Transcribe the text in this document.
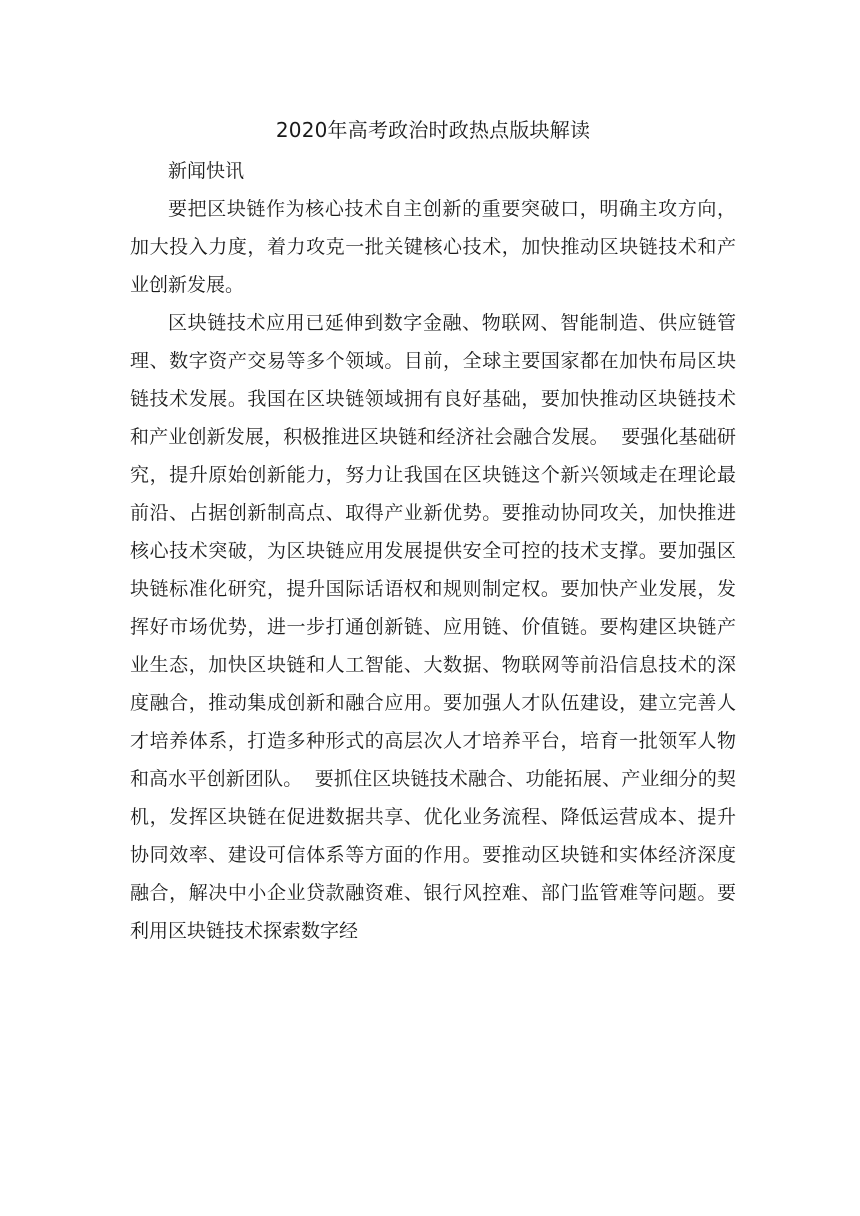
2020年高考政治时政热点版块解读

新闻快讯

要把区块链作为核心技术自主创新的重要突破口，明确主攻方向，加大投入力度，着力攻克一批关键核心技术，加快推动区块链技术和产业创新发展。

区块链技术应用已延伸到数字金融、物联网、智能制造、供应链管理、数字资产交易等多个领域。目前，全球主要国家都在加快布局区块链技术发展。我国在区块链领域拥有良好基础，要加快推动区块链技术和产业创新发展，积极推进区块链和经济社会融合发展。  要强化基础研究，提升原始创新能力，努力让我国在区块链这个新兴领域走在理论最前沿、占据创新制高点、取得产业新优势。要推动协同攻关，加快推进核心技术突破，为区块链应用发展提供安全可控的技术支撑。要加强区块链标准化研究，提升国际话语权和规则制定权。要加快产业发展，发挥好市场优势，进一步打通创新链、应用链、价值链。要构建区块链产业生态，加快区块链和人工智能、大数据、物联网等前沿信息技术的深度融合，推动集成创新和融合应用。要加强人才队伍建设，建立完善人才培养体系，打造多种形式的高层次人才培养平台，培育一批领军人物和高水平创新团队。  要抓住区块链技术融合、功能拓展、产业细分的契机，发挥区块链在促进数据共享、优化业务流程、降低运营成本、提升协同效率、建设可信体系等方面的作用。要推动区块链和实体经济深度融合，解决中小企业贷款融资难、银行风控难、部门监管难等问题。要利用区块链技术探索数字经
